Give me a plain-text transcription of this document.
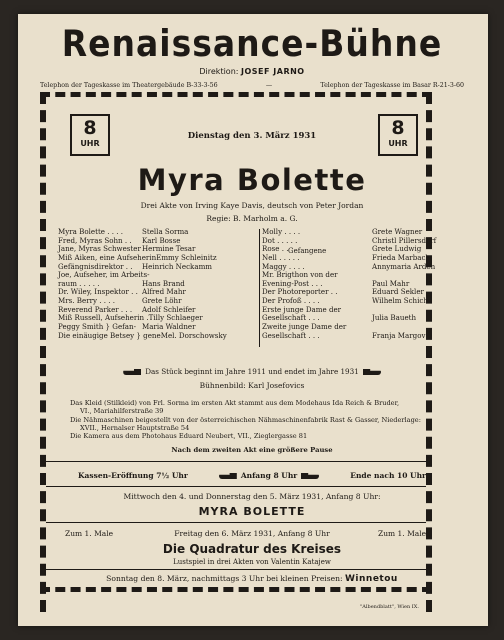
Renaissance-Bühne
Direktion: JOSEF JARNO
Telephon der Tageskasse im Theatergebäude B-33-3-56	—	Telephon der Tageskasse im Basar R-21-3-60
8
UHR
8
UHR
Dienstag den 3. März 1931
Myra Bolette
Drei Akte von Irving Kaye Davis, deutsch von Peter Jordan
Regie: B. Marholm a. G.
Myra Bolette . . . .	Stella Sorma
Fred, Myras Sohn . .	Karl Bosse
Jane, Myras Schwester Hermine Tesar
Miß Aiken, eine Aufseherin Emmy Schleinitz
Gefängnisdirektor . .	Heinrich Neckamm
Joe, Aufseher, im Arbeits-
raum . . . . .	Hans Brand
Dr. Wiley, Inspektor . . Alfred Mahr
Mrs. Berry . . . .	Grete Löhr
Reverend Parker . . .	Adolf Schleifer
Miß Russell, Aufseherin . Tilly Schlaeger
Peggy Smith } Gefan- Maria Waldner
Die einäugige Betsey } gene Mel. Dorschowsky
Molly . . . .	Grete Wagner
Dot . . . . .	Christl Pillersdorf
Rose . .	Grete Ludwig
Nell . . . . .	Frieda Marbach
Maggy . . . .	Annymaria Arden
Mr. Brigthon von der
Evening-Post . . .	Paul Mahr
Der Photoreporter . .	Eduard Sekler
Der Profoß . . . .	Wilhelm Schich
Erste junge Dame der
Gesellschaft . . .	Julia Baueth
Zweite junge Dame der
Gesellschaft . . .	Franja Margov
Gefangene
Das Stück beginnt im Jahre 1911 und endet im Jahre 1931
Bühnenbild: Karl Josefovics

Das Kleid (Stilkleid) von Frl. Sorma im ersten Akt stammt aus dem Modehaus Ida Reich & Bruder,

VI., Mariahilferstraße 39

Die Nähmaschinen beigestellt von der österreichischen Nähmaschinenfabrik Rast & Gasser, Niederlage:

XVII., Hernalser Hauptstraße 54

Die Kamera aus dem Photohaus Eduard Neubert, VII., Zieglergasse 81

Nach dem zweiten Akt eine größere Pause
Kassen-Eröffnung 7½ Uhr	Anfang 8 Uhr	Ende nach 10 Uhr
Mittwoch den 4. und Donnerstag den 5. März 1931, Anfang 8 Uhr:
MYRA BOLETTE
Zum 1. Male	Zum 1. Male
Freitag den 6. März 1931, Anfang 8 Uhr
Die Quadratur des Kreises
Lustspiel in drei Akten von Valentin Katajew
Sonntag den 8. März, nachmittags 3 Uhr bei kleinen Preisen: Winnetou
"Albendblatt", Wien IX.
